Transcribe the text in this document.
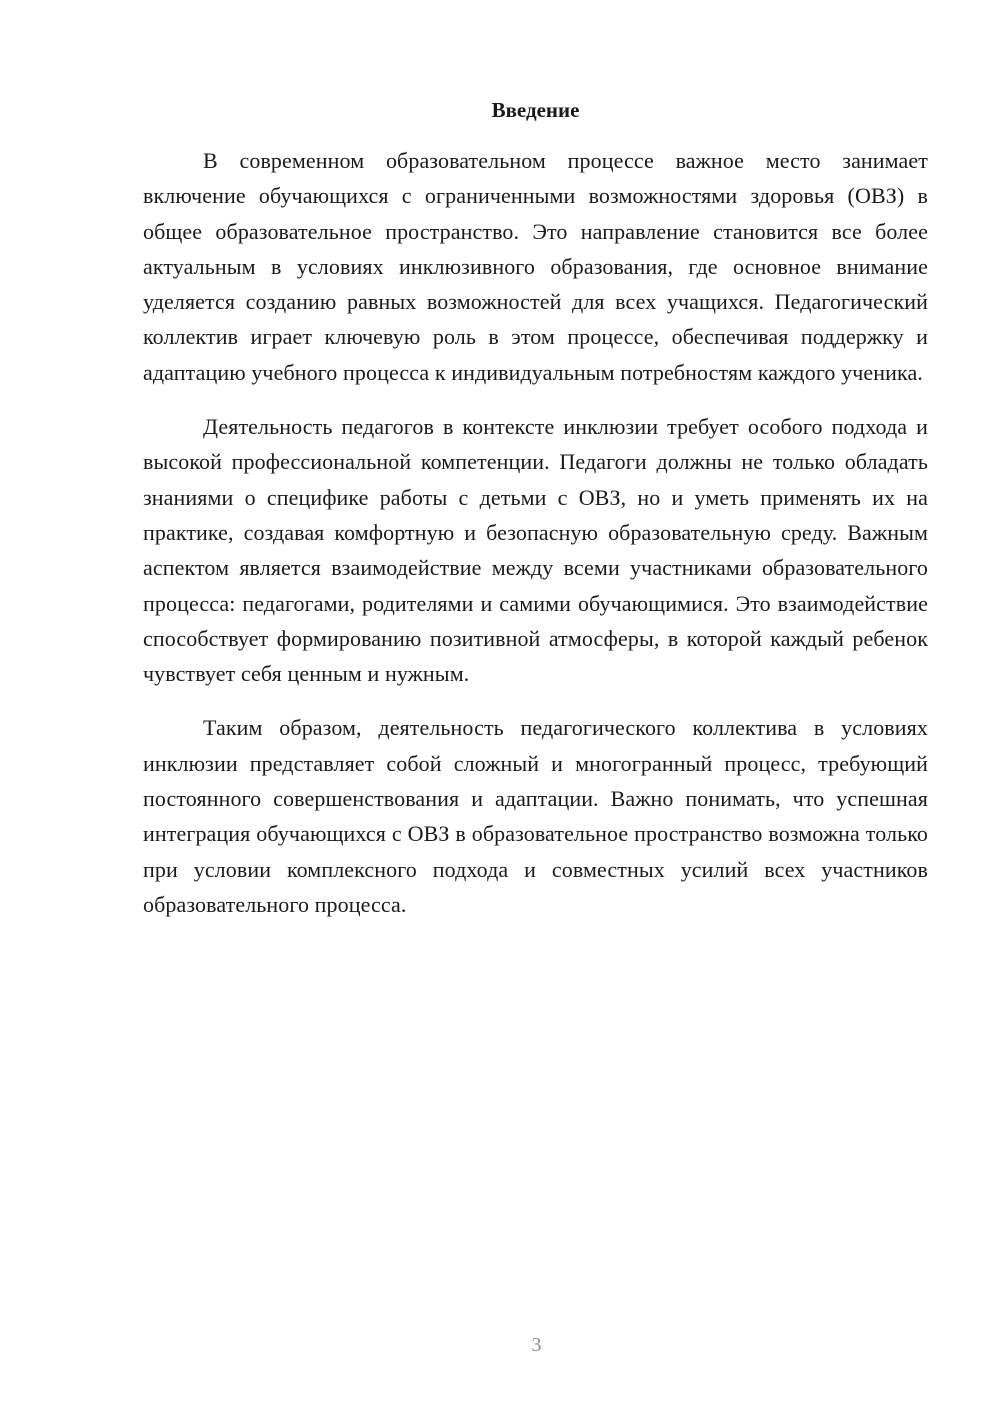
Введение

В современном образовательном процессе важное место занимает включение обучающихся с ограниченными возможностями здоровья (ОВЗ) в общее образовательное пространство. Это направление становится все более актуальным в условиях инклюзивного образования, где основное внимание уделяется созданию равных возможностей для всех учащихся. Педагогический коллектив играет ключевую роль в этом процессе, обеспечивая поддержку и адаптацию учебного процесса к индивидуальным потребностям каждого ученика.

Деятельность педагогов в контексте инклюзии требует особого подхода и высокой профессиональной компетенции. Педагоги должны не только обладать знаниями о специфике работы с детьми с ОВЗ, но и уметь применять их на практике, создавая комфортную и безопасную образовательную среду. Важным аспектом является взаимодействие между всеми участниками образовательного процесса: педагогами, родителями и самими обучающимися. Это взаимодействие способствует формированию позитивной атмосферы, в которой каждый ребенок чувствует себя ценным и нужным.

Таким образом, деятельность педагогического коллектива в условиях инклюзии представляет собой сложный и многогранный процесс, требующий постоянного совершенствования и адаптации. Важно понимать, что успешная интеграция обучающихся с ОВЗ в образовательное пространство возможна только при условии комплексного подхода и совместных усилий всех участников образовательного процесса.

3
